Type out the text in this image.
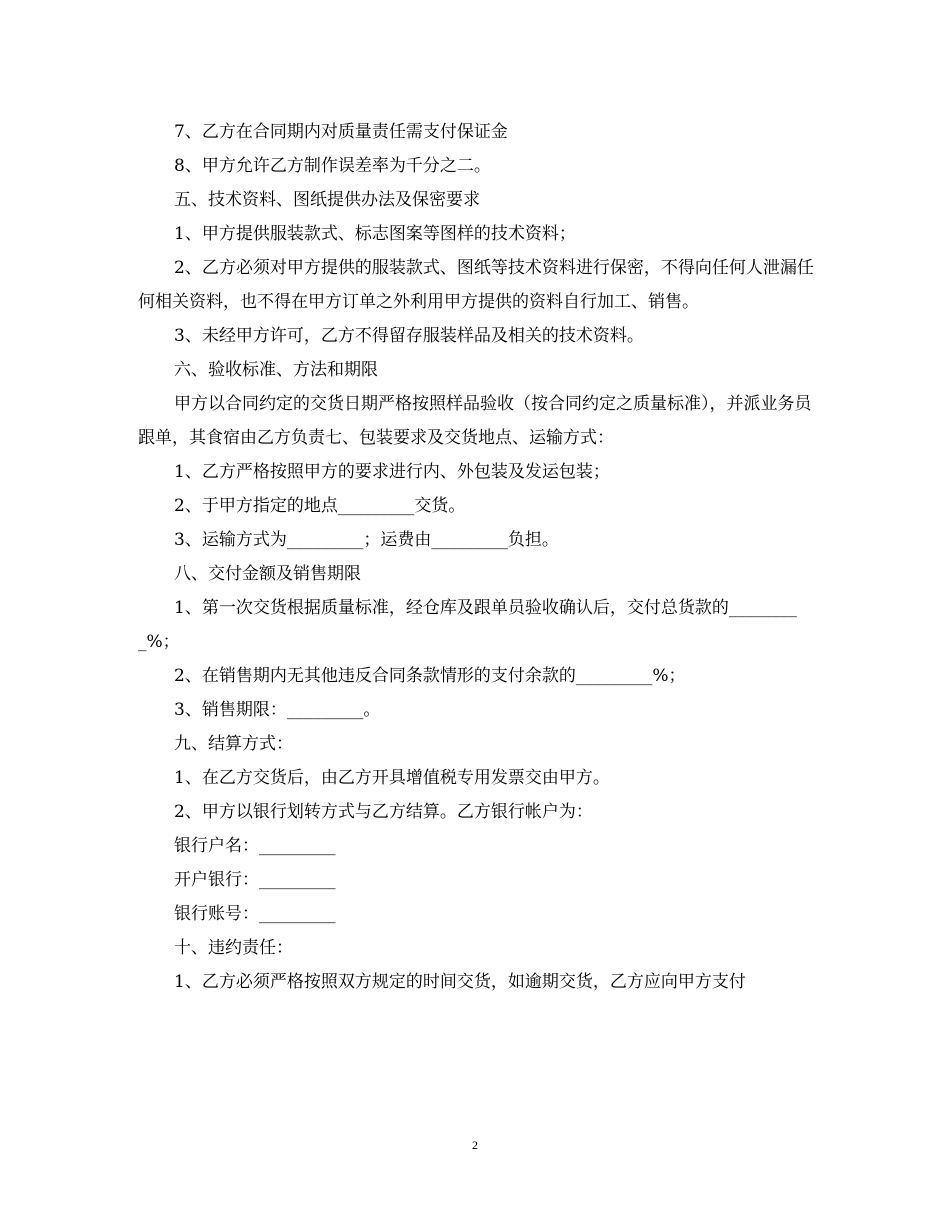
7、乙方在合同期内对质量责任需支付保证金

8、甲方允许乙方制作误差率为千分之二。

五、技术资料、图纸提供办法及保密要求

1、甲方提供服装款式、标志图案等图样的技术资料；

2、乙方必须对甲方提供的服装款式、图纸等技术资料进行保密，不得向任何人泄漏任何相关资料，也不得在甲方订单之外利用甲方提供的资料自行加工、销售。

3、未经甲方许可，乙方不得留存服装样品及相关的技术资料。

六、验收标准、方法和期限

甲方以合同约定的交货日期严格按照样品验收（按合同约定之质量标准），并派业务员跟单，其食宿由乙方负责七、包装要求及交货地点、运输方式：

1、乙方严格按照甲方的要求进行内、外包装及发运包装；

2、于甲方指定的地点_________交货。

3、运输方式为_________；运费由_________负担。

八、交付金额及销售期限

1、第一次交货根据质量标准，经仓库及跟单员验收确认后，交付总货款的_________%；

2、在销售期内无其他违反合同条款情形的支付余款的_________%；

3、销售期限：_________。

九、结算方式：

1、在乙方交货后，由乙方开具增值税专用发票交由甲方。

2、甲方以银行划转方式与乙方结算。乙方银行帐户为：

银行户名：_________

开户银行：_________

银行账号：_________

十、违约责任：

1、乙方必须严格按照双方规定的时间交货，如逾期交货，乙方应向甲方支付

2
